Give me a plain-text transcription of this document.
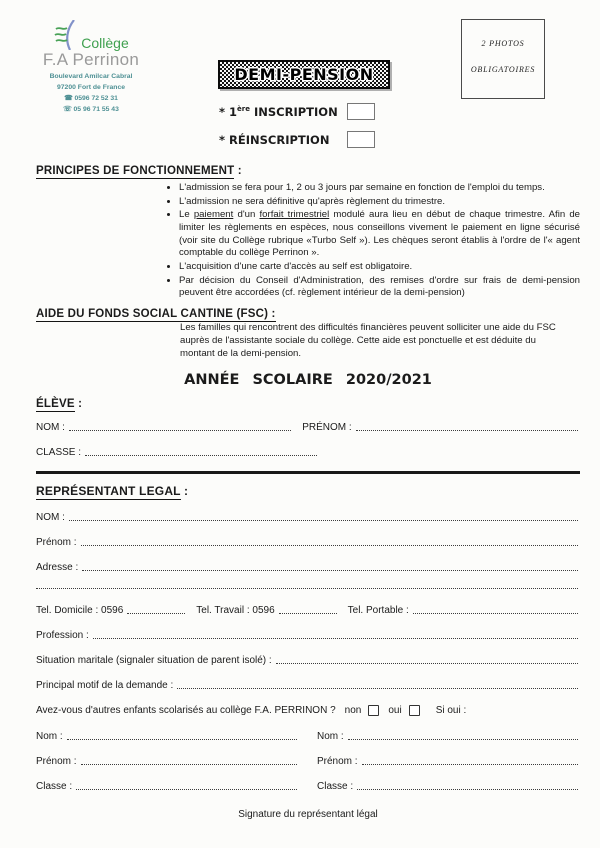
Collège
F.A Perrinon
Boulevard Amilcar Cabral
97200 Fort de France
☎ 0596 72 52 31
☏ 05 96 71 55 43
DEMI-PENSION
* 1ère INSCRIPTION
* RÉINSCRIPTION
2 PHOTOS
OBLIGATOIRES
PRINCIPES DE FONCTIONNEMENT :
• L'admission se fera pour 1, 2 ou 3 jours par semaine en fonction de l'emploi du temps.
• L'admission ne sera définitive qu'après règlement du trimestre.
• Le paiement d'un forfait trimestriel modulé aura lieu en début de chaque trimestre. Afin de limiter les règlements en espèces, nous conseillons vivement le paiement en ligne sécurisé (voir site du Collège rubrique «Turbo Self »). Les chèques seront établis à l'ordre de l'« agent comptable du collège Perrinon ».
• L'acquisition d'une carte d'accès au self est obligatoire.
• Par décision du Conseil d'Administration, des remises d'ordre sur frais de demi-pension peuvent être accordées (cf. règlement intérieur de la demi-pension)
AIDE DU FONDS SOCIAL CANTINE (FSC) :
Les familles qui rencontrent des difficultés financières peuvent solliciter une aide du FSC auprès de l'assistante sociale du collège. Cette aide est ponctuelle et est déduite du montant de la demi-pension.
ANNÉE SCOLAIRE 2020/2021
ÉLÈVE :
NOM :	PRÉNOM :
CLASSE :
REPRÉSENTANT LEGAL :
NOM :
Prénom :
Adresse :
Tel. Domicile : 0596	Tel. Travail : 0596	Tel. Portable :
Profession :
Situation maritale (signaler situation de parent isolé) :
Principal motif de la demande :
Avez-vous d'autres enfants scolarisés au collège F.A. PERRINON ? non	oui	Si oui :
Nom :	Nom :
Prénom :	Prénom :
Classe :	Classe :
Signature du représentant légal
